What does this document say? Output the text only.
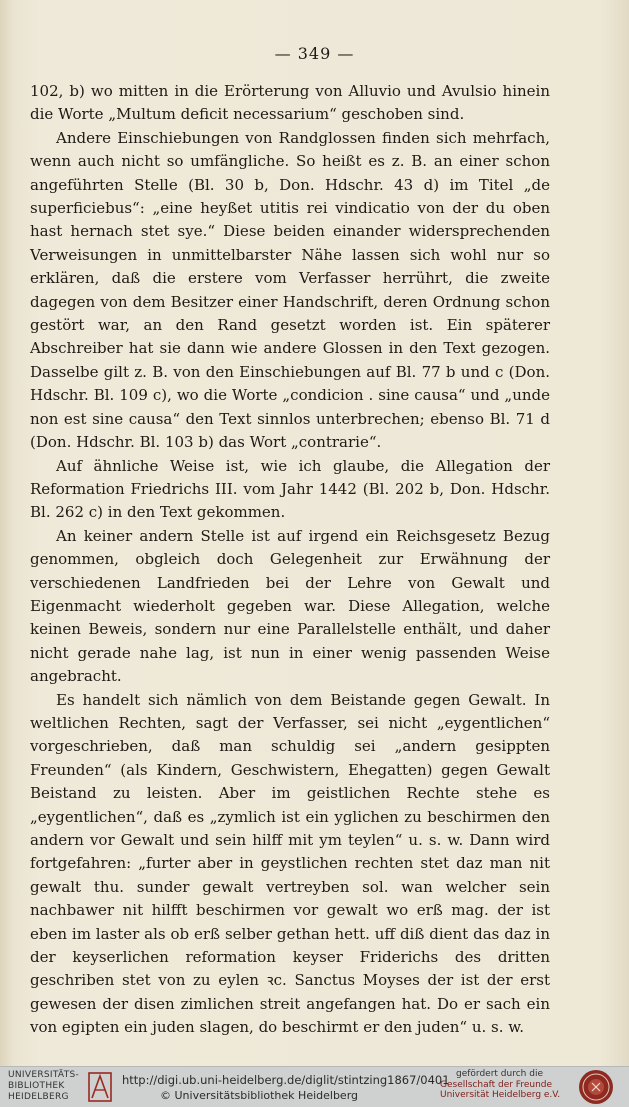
— 349 —

102, b) wo mitten in die Erörterung von Alluvio und Avulsio hinein die Worte „Multum deficit necessarium“ geschoben sind.

Andere Einschiebungen von Randglossen finden sich mehrfach, wenn auch nicht so umfängliche. So heißt es z. B. an einer schon angeführten Stelle (Bl. 30 b, Don. Hdschr. 43 d) im Titel „de superficiebus“: „eine heyßet utitis rei vindicatio von der du oben hast hernach stet sye.“ Diese beiden einander widersprechenden Verweisungen in unmittelbarster Nähe lassen sich wohl nur so erklären, daß die erstere vom Verfasser herrührt, die zweite dagegen von dem Besitzer einer Handschrift, deren Ordnung schon gestört war, an den Rand gesetzt worden ist. Ein späterer Abschreiber hat sie dann wie andere Glossen in den Text gezogen. Dasselbe gilt z. B. von den Einschiebungen auf Bl. 77 b und c (Don. Hdschr. Bl. 109 c), wo die Worte „condicion . sine causa“ und „unde non est sine causa“ den Text sinnlos unterbrechen; ebenso Bl. 71 d (Don. Hdschr. Bl. 103 b) das Wort „contrarie“.

Auf ähnliche Weise ist, wie ich glaube, die Allegation der Reformation Friedrichs III. vom Jahr 1442 (Bl. 202 b, Don. Hdschr. Bl. 262 c) in den Text gekommen.

An keiner andern Stelle ist auf irgend ein Reichsgesetz Bezug genommen, obgleich doch Gelegenheit zur Erwähnung der verschiedenen Landfrieden bei der Lehre von Gewalt und Eigenmacht wiederholt gegeben war. Diese Allegation, welche keinen Beweis, sondern nur eine Parallelstelle enthält, und daher nicht gerade nahe lag, ist nun in einer wenig passenden Weise angebracht.

Es handelt sich nämlich von dem Beistande gegen Gewalt. In weltlichen Rechten, sagt der Verfasser, sei nicht „eygentlichen“ vorgeschrieben, daß man schuldig sei „andern gesippten Freunden“ (als Kindern, Geschwistern, Ehegatten) gegen Gewalt Beistand zu leisten. Aber im geistlichen Rechte stehe es „eygentlichen“, daß es „zymlich ist ein yglichen zu beschirmen den andern vor Gewalt und sein hilff mit ym teylen“ u. s. w. Dann wird fortgefahren: „furter aber in geystlichen rechten stet daz man nit gewalt thu. sunder gewalt vertreyben sol. wan welcher sein nachbawer nit hilfft beschirmen vor gewalt wo erß mag. der ist eben im laster als ob erß selber gethan hett. uff diß dient das daz in der keyserlichen reformation keyser Friderichs des dritten geschriben stet von zu eylen ꝛc. Sanctus Moyses der ist der erst gewesen der disen zimlichen streit angefangen hat. Do er sach ein von egipten ein juden slagen, do beschirmt er den juden“ u. s. w.

UNIVERSITÄTS-
BIBLIOTHEK
HEIDELBERG
http://digi.ub.uni-heidelberg.de/diglit/stintzing1867/0401
© Universitätsbibliothek Heidelberg
gefördert durch die
Gesellschaft der Freunde
Universität Heidelberg e.V.
